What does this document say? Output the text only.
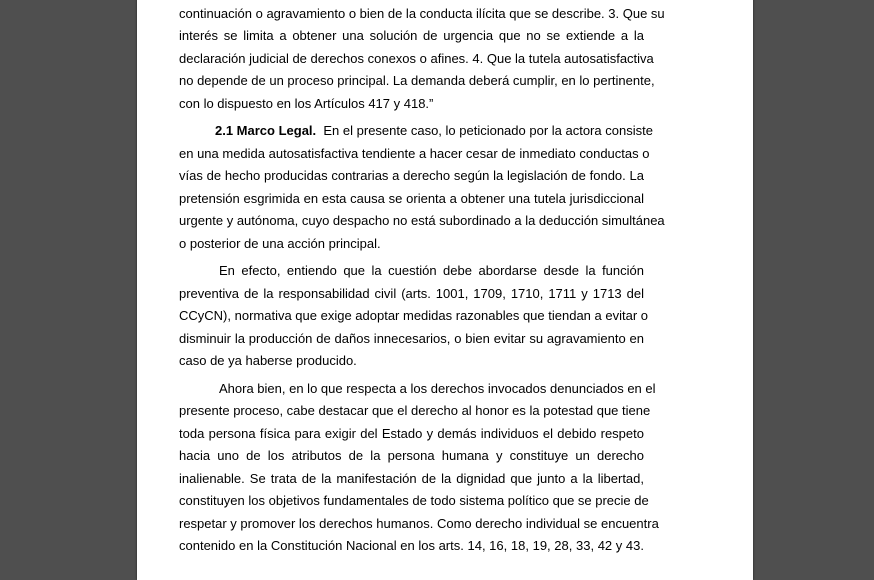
continuación o agravamiento o bien de la conducta ilícita que se describe. 3. Que su
interés se limita a obtener una solución de urgencia que no se extiende a la
declaración judicial de derechos conexos o afines. 4. Que la tutela autosatisfactiva
no depende de un proceso principal. La demanda deberá cumplir, en lo pertinente,
con lo dispuesto en los Artículos 417 y 418.”
2.1 Marco Legal. En el presente caso, lo peticionado por la actora consiste
en una medida autosatisfactiva tendiente a hacer cesar de inmediato conductas o
vías de hecho producidas contrarias a derecho según la legislación de fondo. La
pretensión esgrimida en esta causa se orienta a obtener una tutela jurisdiccional
urgente y autónoma, cuyo despacho no está subordinado a la deducción simultánea
o posterior de una acción principal.
En efecto, entiendo que la cuestión debe abordarse desde la función
preventiva de la responsabilidad civil (arts. 1001, 1709, 1710, 1711 y 1713 del
CCyCN), normativa que exige adoptar medidas razonables que tiendan a evitar o
disminuir la producción de daños innecesarios, o bien evitar su agravamiento en
caso de ya haberse producido.
Ahora bien, en lo que respecta a los derechos invocados denunciados en el
presente proceso, cabe destacar que el derecho al honor es la potestad que tiene
toda persona física para exigir del Estado y demás individuos el debido respeto
hacia uno de los atributos de la persona humana y constituye un derecho
inalienable. Se trata de la manifestación de la dignidad que junto a la libertad,
constituyen los objetivos fundamentales de todo sistema político que se precie de
respetar y promover los derechos humanos. Como derecho individual se encuentra
contenido en la Constitución Nacional en los arts. 14, 16, 18, 19, 28, 33, 42 y 43.
